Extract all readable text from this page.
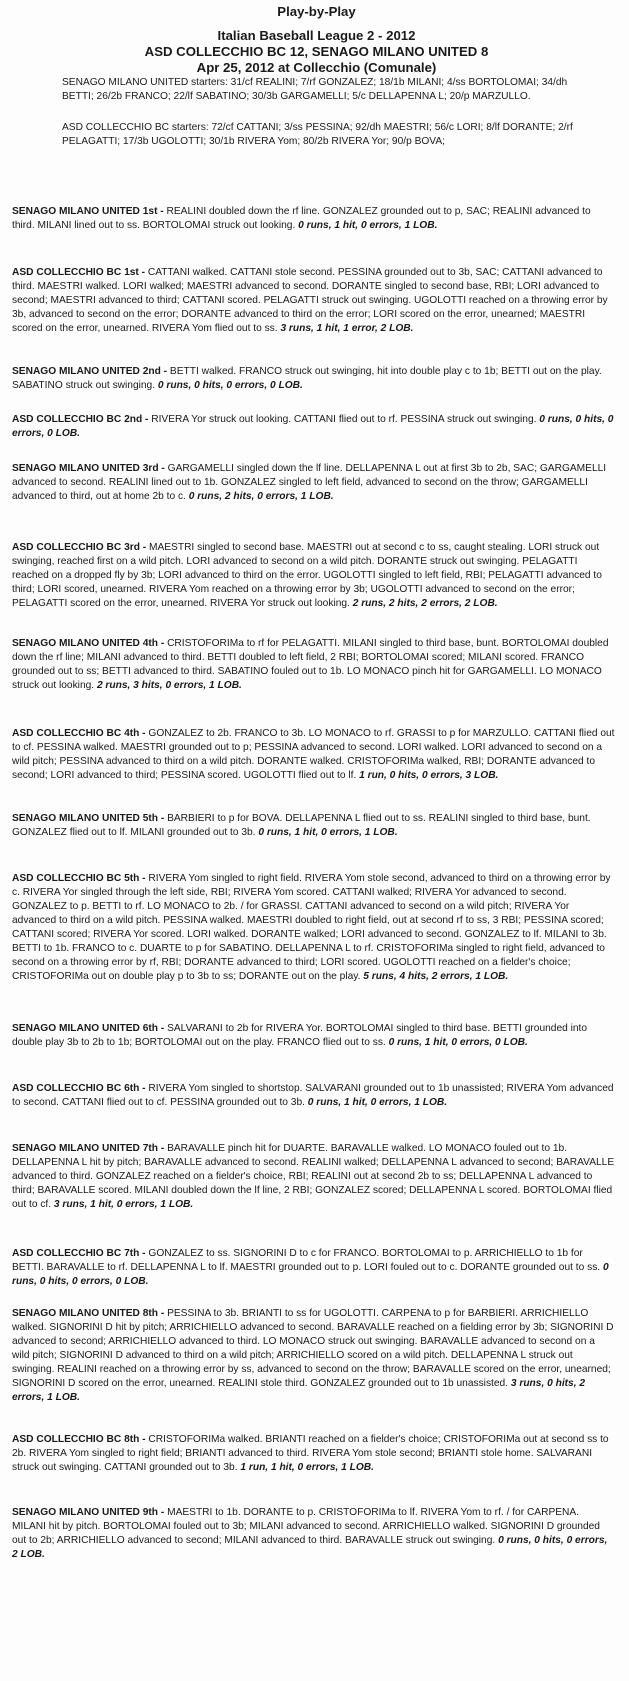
Play-by-Play
Italian Baseball League 2 - 2012
ASD COLLECCHIO BC 12, SENAGO MILANO UNITED 8
Apr 25, 2012 at Collecchio (Comunale)

SENAGO MILANO UNITED starters: 31/cf REALINI; 7/rf GONZALEZ; 18/1b MILANI; 4/ss BORTOLOMAI; 34/dh BETTI; 26/2b FRANCO; 22/lf SABATINO; 30/3b GARGAMELLI; 5/c DELLAPENNA L; 20/p MARZULLO.

ASD COLLECCHIO BC starters: 72/cf CATTANI; 3/ss PESSINA; 92/dh MAESTRI; 56/c LORI; 8/lf DORANTE; 2/rf PELAGATTI; 17/3b UGOLOTTI; 30/1b RIVERA Yom; 80/2b RIVERA Yor; 90/p BOVA;

SENAGO MILANO UNITED 1st - REALINI doubled down the rf line. GONZALEZ grounded out to p, SAC; REALINI advanced to third. MILANI lined out to ss. BORTOLOMAI struck out looking. 0 runs, 1 hit, 0 errors, 1 LOB.

ASD COLLECCHIO BC 1st - CATTANI walked. CATTANI stole second. PESSINA grounded out to 3b, SAC; CATTANI advanced to third. MAESTRI walked. LORI walked; MAESTRI advanced to second. DORANTE singled to second base, RBI; LORI advanced to second; MAESTRI advanced to third; CATTANI scored. PELAGATTI struck out swinging. UGOLOTTI reached on a throwing error by 3b, advanced to second on the error; DORANTE advanced to third on the error; LORI scored on the error, unearned; MAESTRI scored on the error, unearned. RIVERA Yom flied out to ss. 3 runs, 1 hit, 1 error, 2 LOB.

SENAGO MILANO UNITED 2nd - BETTI walked. FRANCO struck out swinging, hit into double play c to 1b; BETTI out on the play. SABATINO struck out swinging. 0 runs, 0 hits, 0 errors, 0 LOB.

ASD COLLECCHIO BC 2nd - RIVERA Yor struck out looking. CATTANI flied out to rf. PESSINA struck out swinging. 0 runs, 0 hits, 0 errors, 0 LOB.

SENAGO MILANO UNITED 3rd - GARGAMELLI singled down the lf line. DELLAPENNA L out at first 3b to 2b, SAC; GARGAMELLI advanced to second. REALINI lined out to 1b. GONZALEZ singled to left field, advanced to second on the throw; GARGAMELLI advanced to third, out at home 2b to c. 0 runs, 2 hits, 0 errors, 1 LOB.

ASD COLLECCHIO BC 3rd - MAESTRI singled to second base. MAESTRI out at second c to ss, caught stealing. LORI struck out swinging, reached first on a wild pitch. LORI advanced to second on a wild pitch. DORANTE struck out swinging. PELAGATTI reached on a dropped fly by 3b; LORI advanced to third on the error. UGOLOTTI singled to left field, RBI; PELAGATTI advanced to third; LORI scored, unearned. RIVERA Yom reached on a throwing error by 3b; UGOLOTTI advanced to second on the error; PELAGATTI scored on the error, unearned. RIVERA Yor struck out looking. 2 runs, 2 hits, 2 errors, 2 LOB.

SENAGO MILANO UNITED 4th - CRISTOFORIMa to rf for PELAGATTI. MILANI singled to third base, bunt. BORTOLOMAI doubled down the rf line; MILANI advanced to third. BETTI doubled to left field, 2 RBI; BORTOLOMAI scored; MILANI scored. FRANCO grounded out to ss; BETTI advanced to third. SABATINO fouled out to 1b. LO MONACO pinch hit for GARGAMELLI. LO MONACO struck out looking. 2 runs, 3 hits, 0 errors, 1 LOB.

ASD COLLECCHIO BC 4th - GONZALEZ to 2b. FRANCO to 3b. LO MONACO to rf. GRASSI to p for MARZULLO. CATTANI flied out to cf. PESSINA walked. MAESTRI grounded out to p; PESSINA advanced to second. LORI walked. LORI advanced to second on a wild pitch; PESSINA advanced to third on a wild pitch. DORANTE walked. CRISTOFORIMa walked, RBI; DORANTE advanced to second; LORI advanced to third; PESSINA scored. UGOLOTTI flied out to lf. 1 run, 0 hits, 0 errors, 3 LOB.

SENAGO MILANO UNITED 5th - BARBIERI to p for BOVA. DELLAPENNA L flied out to ss. REALINI singled to third base, bunt. GONZALEZ flied out to lf. MILANI grounded out to 3b. 0 runs, 1 hit, 0 errors, 1 LOB.

ASD COLLECCHIO BC 5th - RIVERA Yom singled to right field. RIVERA Yom stole second, advanced to third on a throwing error by c. RIVERA Yor singled through the left side, RBI; RIVERA Yom scored. CATTANI walked; RIVERA Yor advanced to second. GONZALEZ to p. BETTI to rf. LO MONACO to 2b. / for GRASSI. CATTANI advanced to second on a wild pitch; RIVERA Yor advanced to third on a wild pitch. PESSINA walked. MAESTRI doubled to right field, out at second rf to ss, 3 RBI; PESSINA scored; CATTANI scored; RIVERA Yor scored. LORI walked. DORANTE walked; LORI advanced to second. GONZALEZ to lf. MILANI to 3b. BETTI to 1b. FRANCO to c. DUARTE to p for SABATINO. DELLAPENNA L to rf. CRISTOFORIMa singled to right field, advanced to second on a throwing error by rf, RBI; DORANTE advanced to third; LORI scored. UGOLOTTI reached on a fielder's choice; CRISTOFORIMa out on double play p to 3b to ss; DORANTE out on the play. 5 runs, 4 hits, 2 errors, 1 LOB.

SENAGO MILANO UNITED 6th - SALVARANI to 2b for RIVERA Yor. BORTOLOMAI singled to third base. BETTI grounded into double play 3b to 2b to 1b; BORTOLOMAI out on the play. FRANCO flied out to ss. 0 runs, 1 hit, 0 errors, 0 LOB.

ASD COLLECCHIO BC 6th - RIVERA Yom singled to shortstop. SALVARANI grounded out to 1b unassisted; RIVERA Yom advanced to second. CATTANI flied out to cf. PESSINA grounded out to 3b. 0 runs, 1 hit, 0 errors, 1 LOB.

SENAGO MILANO UNITED 7th - BARAVALLE pinch hit for DUARTE. BARAVALLE walked. LO MONACO fouled out to 1b. DELLAPENNA L hit by pitch; BARAVALLE advanced to second. REALINI walked; DELLAPENNA L advanced to second; BARAVALLE advanced to third. GONZALEZ reached on a fielder's choice, RBI; REALINI out at second 2b to ss; DELLAPENNA L advanced to third; BARAVALLE scored. MILANI doubled down the lf line, 2 RBI; GONZALEZ scored; DELLAPENNA L scored. BORTOLOMAI flied out to cf. 3 runs, 1 hit, 0 errors, 1 LOB.

ASD COLLECCHIO BC 7th - GONZALEZ to ss. SIGNORINI D to c for FRANCO. BORTOLOMAI to p. ARRICHIELLO to 1b for BETTI. BARAVALLE to rf. DELLAPENNA L to lf. MAESTRI grounded out to p. LORI fouled out to c. DORANTE grounded out to ss. 0 runs, 0 hits, 0 errors, 0 LOB.

SENAGO MILANO UNITED 8th - PESSINA to 3b. BRIANTI to ss for UGOLOTTI. CARPENA to p for BARBIERI. ARRICHIELLO walked. SIGNORINI D hit by pitch; ARRICHIELLO advanced to second. BARAVALLE reached on a fielding error by 3b; SIGNORINI D advanced to second; ARRICHIELLO advanced to third. LO MONACO struck out swinging. BARAVALLE advanced to second on a wild pitch; SIGNORINI D advanced to third on a wild pitch; ARRICHIELLO scored on a wild pitch. DELLAPENNA L struck out swinging. REALINI reached on a throwing error by ss, advanced to second on the throw; BARAVALLE scored on the error, unearned; SIGNORINI D scored on the error, unearned. REALINI stole third. GONZALEZ grounded out to 1b unassisted. 3 runs, 0 hits, 2 errors, 1 LOB.

ASD COLLECCHIO BC 8th - CRISTOFORIMa walked. BRIANTI reached on a fielder's choice; CRISTOFORIMa out at second ss to 2b. RIVERA Yom singled to right field; BRIANTI advanced to third. RIVERA Yom stole second; BRIANTI stole home. SALVARANI struck out swinging. CATTANI grounded out to 3b. 1 run, 1 hit, 0 errors, 1 LOB.

SENAGO MILANO UNITED 9th - MAESTRI to 1b. DORANTE to p. CRISTOFORIMa to lf. RIVERA Yom to rf. / for CARPENA. MILANI hit by pitch. BORTOLOMAI fouled out to 3b; MILANI advanced to second. ARRICHIELLO walked. SIGNORINI D grounded out to 2b; ARRICHIELLO advanced to second; MILANI advanced to third. BARAVALLE struck out swinging. 0 runs, 0 hits, 0 errors, 2 LOB.
